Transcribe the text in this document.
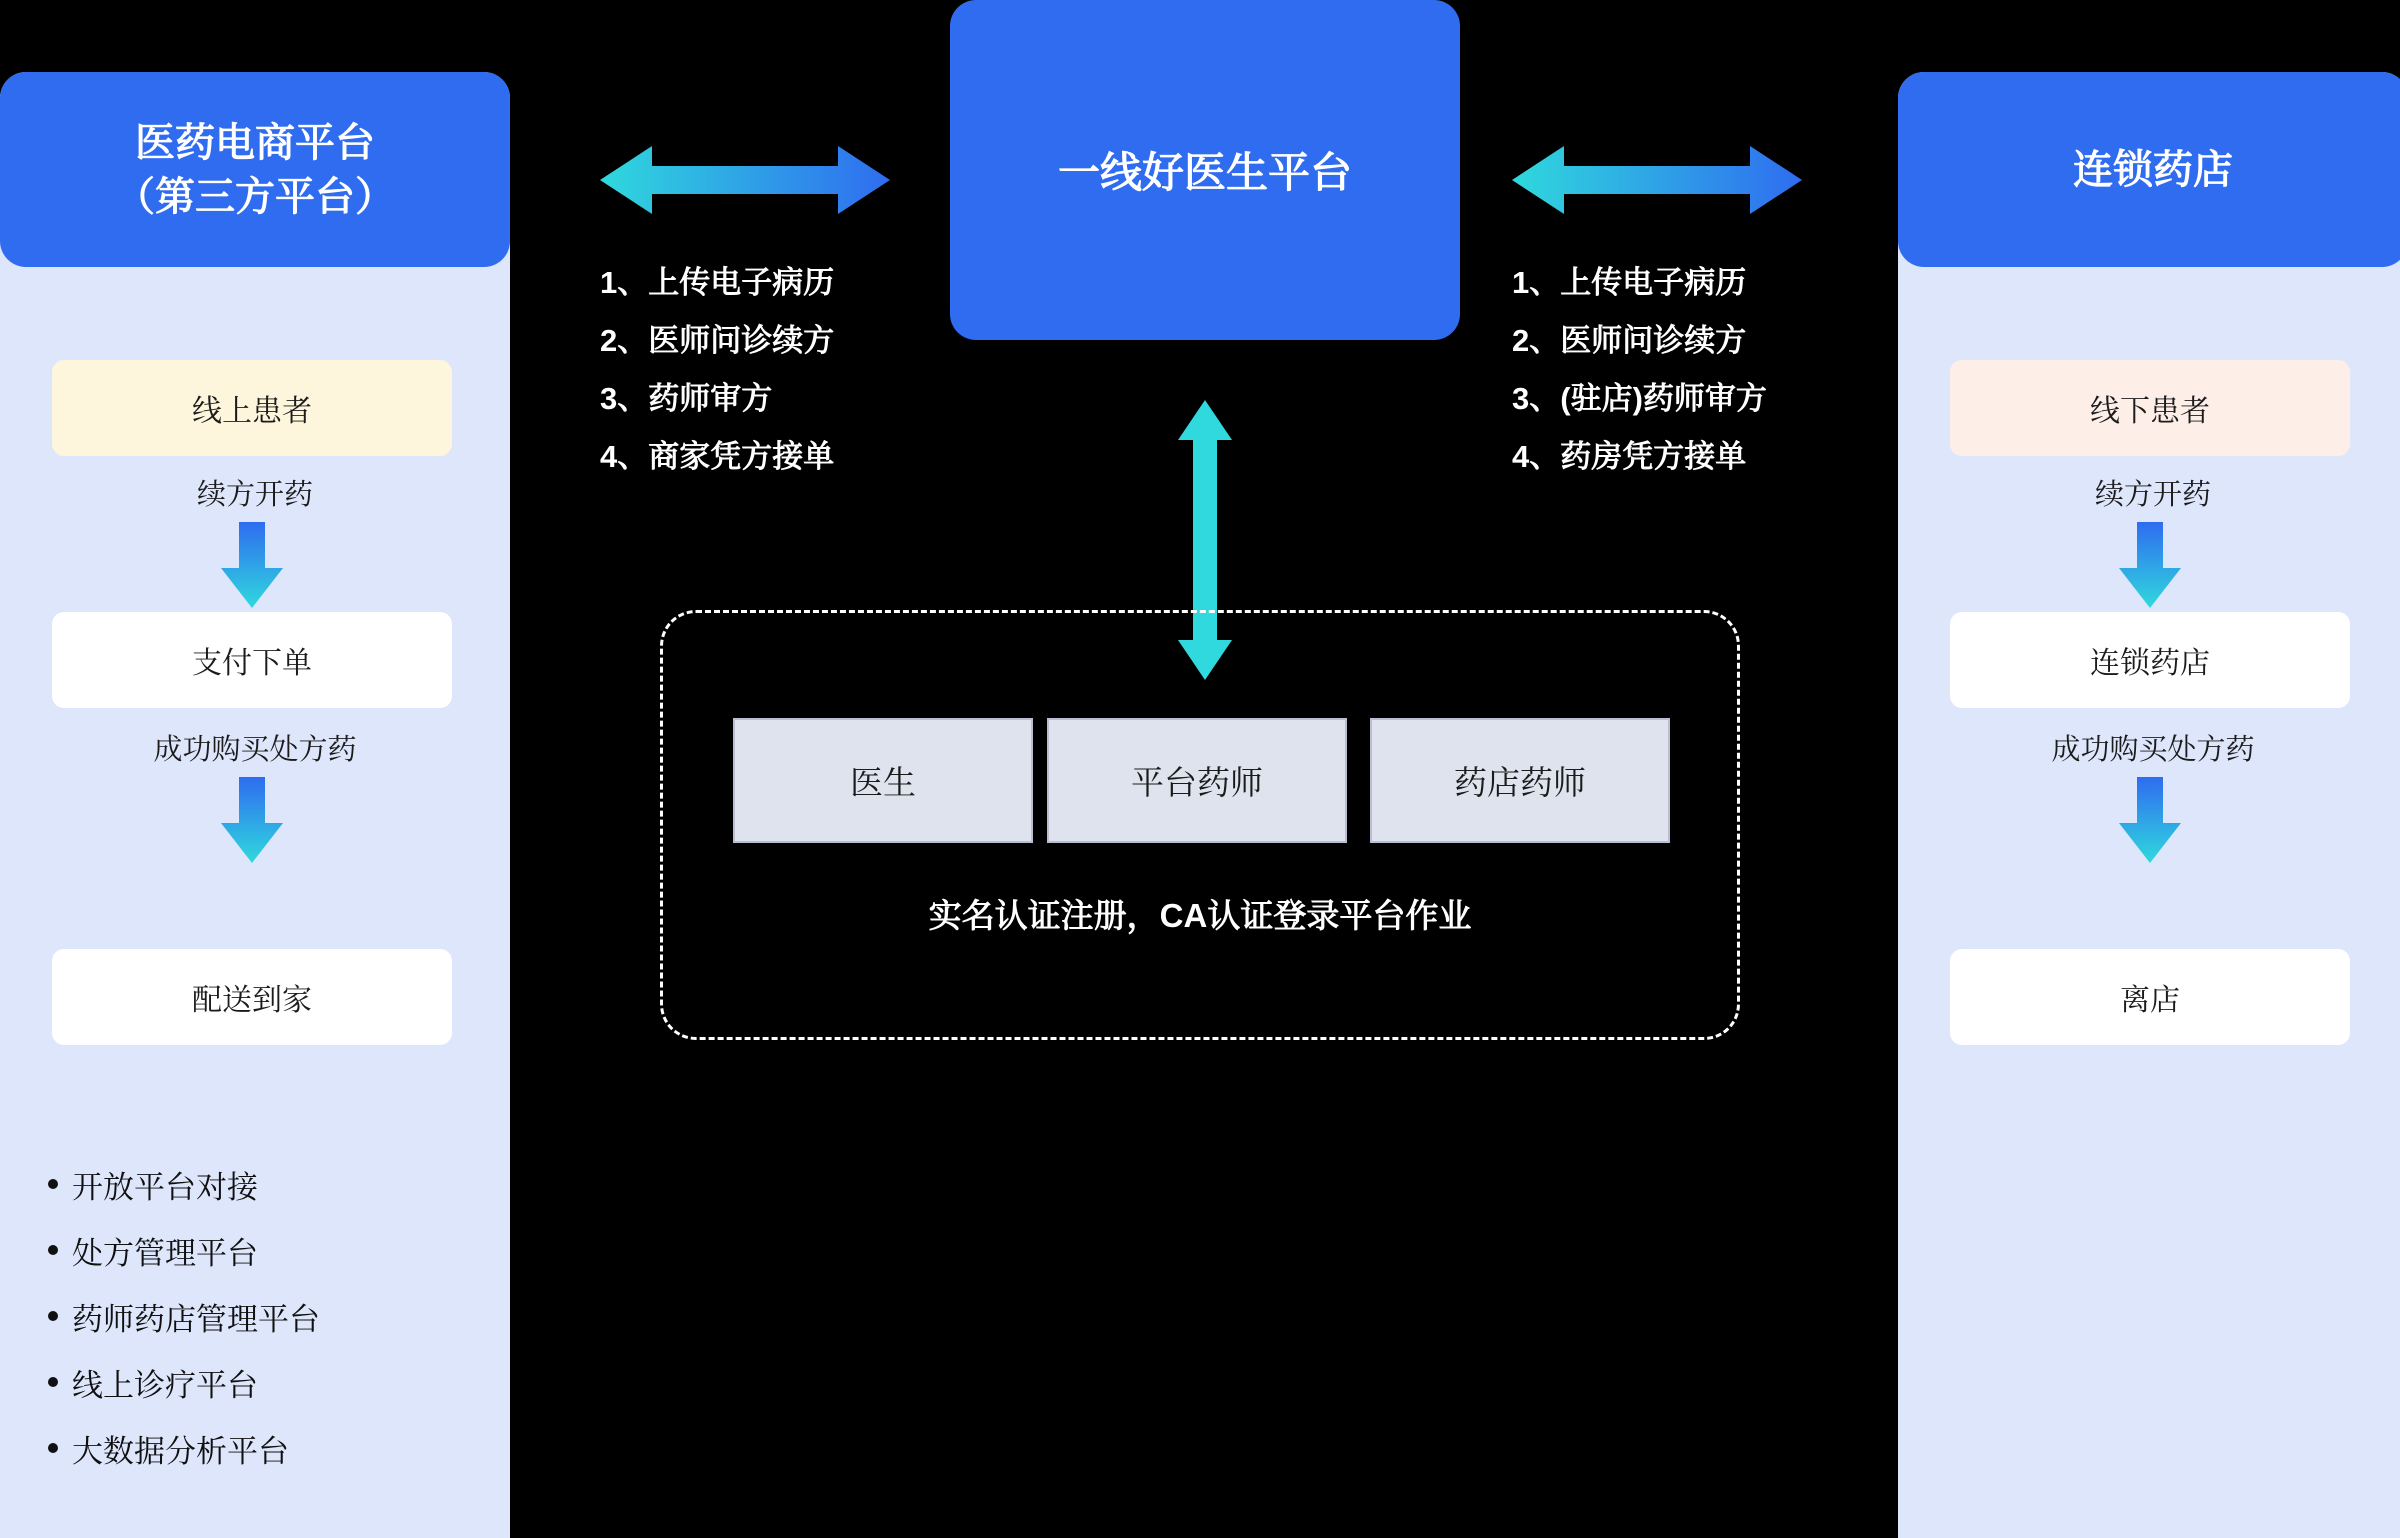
医药电商平台
（第三方平台）
线上患者
续方开药
支付下单
成功购买处方药
配送到家
开放平台对接
处方管理平台
药师药店管理平台
线上诊疗平台
大数据分析平台
连锁药店
线下患者
续方开药
连锁药店
成功购买处方药
离店
一线好医生平台
1、上传电子病历
2、医师问诊续方
3、药师审方
4、商家凭方接单
1、上传电子病历
2、医师问诊续方
3、(驻店)药师审方
4、药房凭方接单
医生	平台药师	药店药师
实名认证注册，CA认证登录平台作业
